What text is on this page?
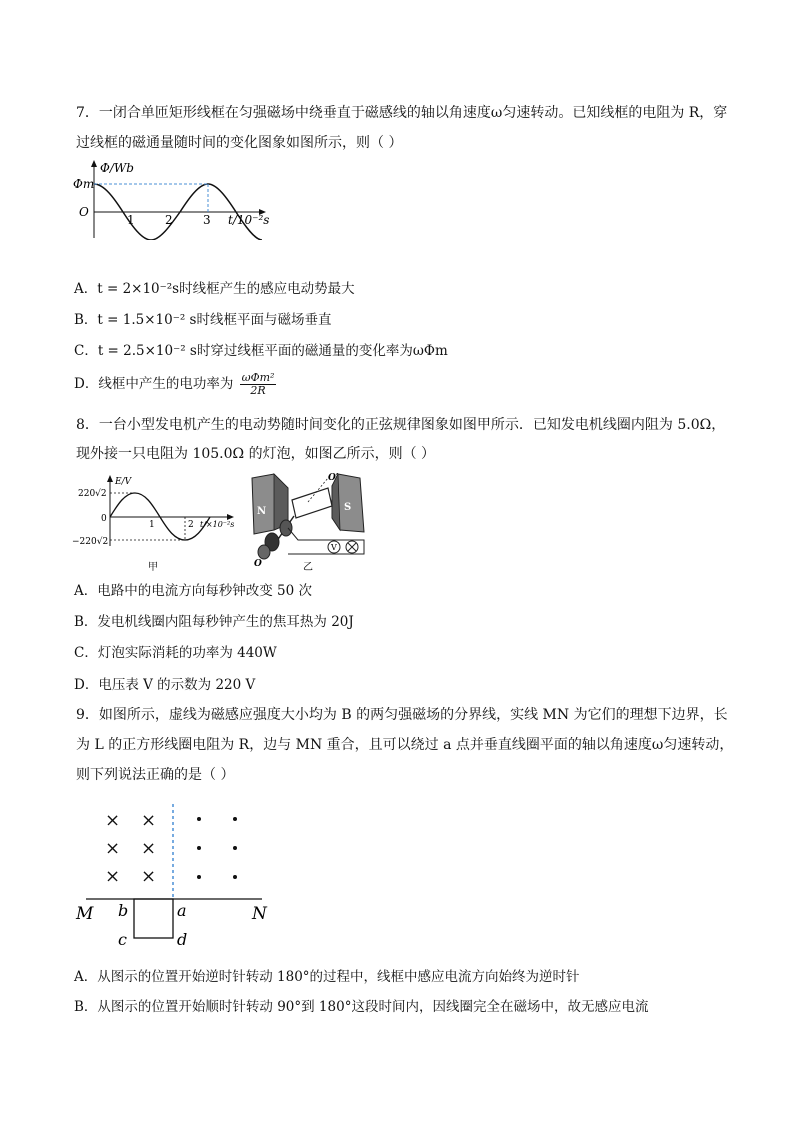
7．一闭合单匝矩形线框在匀强磁场中绕垂直于磁感线的轴以角速度ω匀速转动。已知线框的电阻为 R，穿
过线框的磁通量随时间的变化图象如图所示，则（ ）
Φ/Wb
Φm
O
1	2	3 t/10⁻²s
A．t = 2×10⁻²s时线框产生的感应电动势最大
B．t = 1.5×10⁻² s时线框平面与磁场垂直
C．t = 2.5×10⁻² s时穿过线框平面的磁通量的变化率为ωΦm
D．线框中产生的电功率为 $\frac{\text{ωΦm²}}{2R}$
8．一台小型发电机产生的电动势随时间变化的正弦规律图象如图甲所示．已知发电机线圈内阻为 5.0Ω，
现外接一只电阻为 105.0Ω 的灯泡，如图乙所示，则（ ）
E/V
220√2
0
−220√2
1	2 t/×10⁻²s
甲
N	S
O′
O
V
乙
A．电路中的电流方向每秒钟改变 50 次
B．发电机线圈内阻每秒钟产生的焦耳热为 20J
C．灯泡实际消耗的功率为 440W
D．电压表 V 的示数为 220 V
9．如图所示，虚线为磁感应强度大小均为 B 的两匀强磁场的分界线，实线 MN 为它们的理想下边界，长
为 L 的正方形线圈电阻为 R，边与 MN 重合，且可以绕过 a 点并垂直线圈平面的轴以角速度ω匀速转动，
则下列说法正确的是（ ）
× ×
× ×
× ×
M	N
a
b
c	d
A．从图示的位置开始逆时针转动 180°的过程中，线框中感应电流方向始终为逆时针
B．从图示的位置开始顺时针转动 90°到 180°这段时间内，因线圈完全在磁场中，故无感应电流
